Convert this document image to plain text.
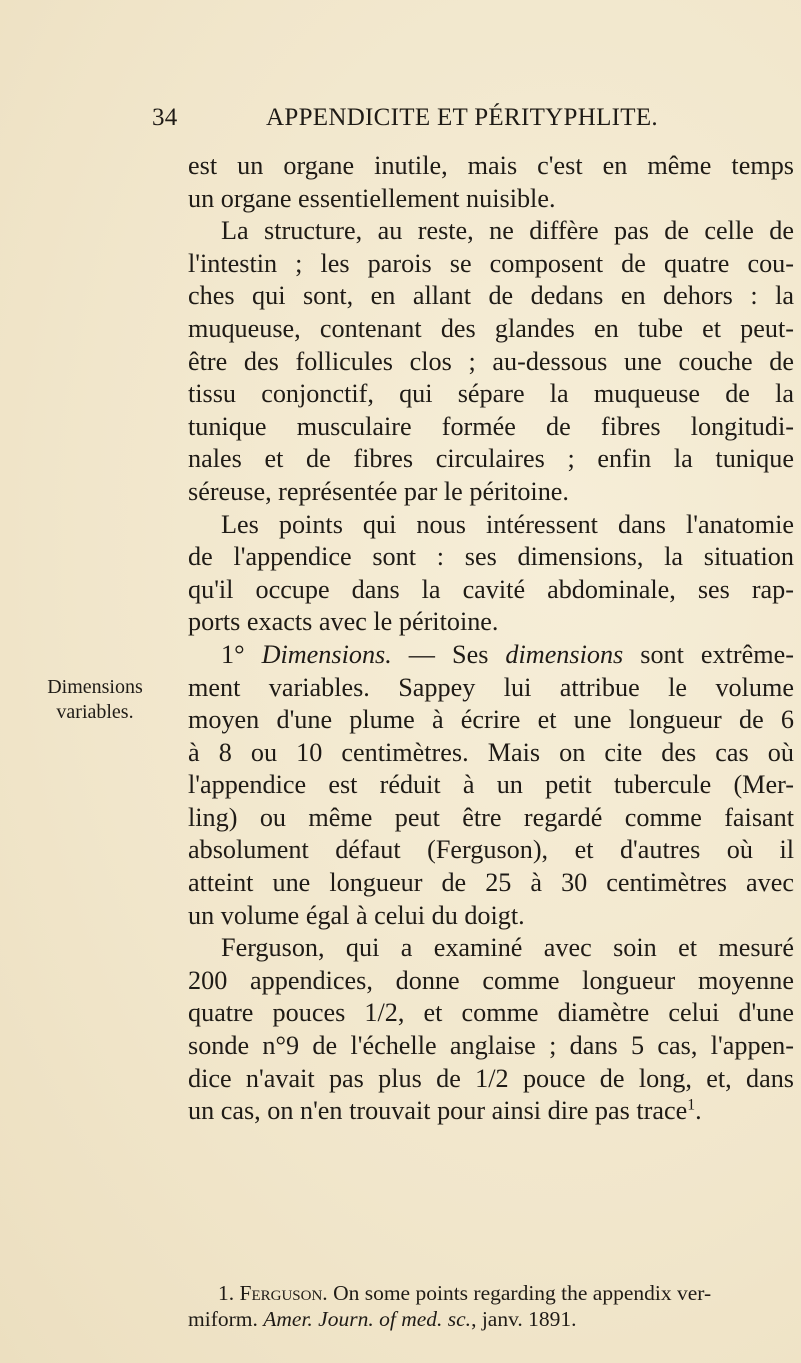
34	APPENDICITE ET PÉRITYPHLITE.
Dimensions
variables.

est un organe inutile, mais c'est en même temps
un organe essentiellement nuisible.

La structure, au reste, ne diffère pas de celle de
l'intestin ; les parois se composent de quatre cou-
ches qui sont, en allant de dedans en dehors : la
muqueuse, contenant des glandes en tube et peut-
être des follicules clos ; au-dessous une couche de
tissu conjonctif, qui sépare la muqueuse de la
tunique musculaire formée de fibres longitudi-
nales et de fibres circulaires ; enfin la tunique
séreuse, représentée par le péritoine.

Les points qui nous intéressent dans l'anatomie
de l'appendice sont : ses dimensions, la situation
qu'il occupe dans la cavité abdominale, ses rap-
ports exacts avec le péritoine.

1° Dimensions. — Ses dimensions sont extrême-
ment variables. Sappey lui attribue le volume
moyen d'une plume à écrire et une longueur de 6
à 8 ou 10 centimètres. Mais on cite des cas où
l'appendice est réduit à un petit tubercule (Mer-
ling) ou même peut être regardé comme faisant
absolument défaut (Ferguson), et d'autres où il
atteint une longueur de 25 à 30 centimètres avec
un volume égal à celui du doigt.

Ferguson, qui a examiné avec soin et mesuré
200 appendices, donne comme longueur moyenne
quatre pouces 1/2, et comme diamètre celui d'une
sonde n°9 de l'échelle anglaise ; dans 5 cas, l'appen-
dice n'avait pas plus de 1/2 pouce de long, et, dans
un cas, on n'en trouvait pour ainsi dire pas trace$^1$.

1. Ferguson. On some points regarding the appendix ver-
miform. Amer. Journ. of med. sc., janv. 1891.
